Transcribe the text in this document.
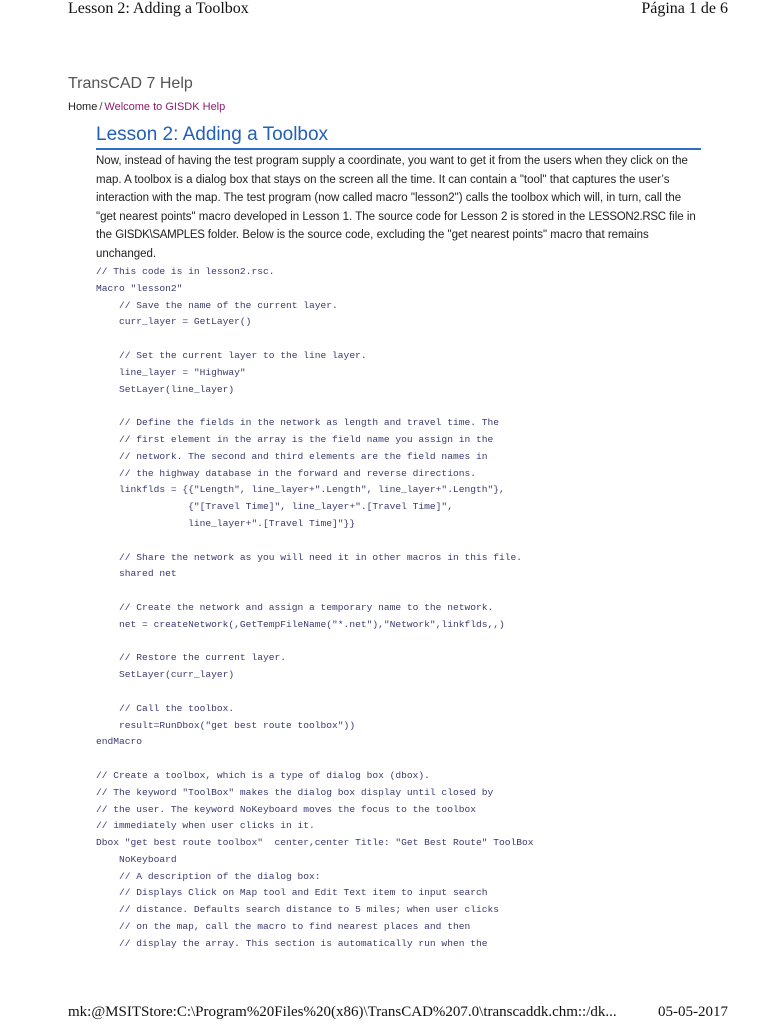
Lesson 2: Adding a Toolbox	Página 1 de 6
TransCAD 7 Help
Home / Welcome to GISDK Help
Lesson 2: Adding a Toolbox
Now, instead of having the test program supply a coordinate, you want to get it from the users when they click on the map. A toolbox is a dialog box that stays on the screen all the time. It can contain a "tool" that captures the user’s interaction with the map. The test program (now called macro "lesson2") calls the toolbox which will, in turn, call the "get nearest points" macro developed in Lesson 1. The source code for Lesson 2 is stored in the LESSON2.RSC file in the GISDK\SAMPLES folder. Below is the source code, excluding the "get nearest points" macro that remains unchanged.
// This code is in lesson2.rsc.
Macro "lesson2"
// Save the name of the current layer.
curr_layer = GetLayer()
// Set the current layer to the line layer.
line_layer = "Highway"
SetLayer(line_layer)
// Define the fields in the network as length and travel time. The
// first element in the array is the field name you assign in the
// network. The second and third elements are the field names in
// the highway database in the forward and reverse directions.
linkflds = {{"Length", line_layer+".Length", line_layer+".Length"},
{"[Travel Time]", line_layer+".[Travel Time]",
line_layer+".[Travel Time]"}}
// Share the network as you will need it in other macros in this file.
shared net
// Create the network and assign a temporary name to the network.
net = createNetwork(,GetTempFileName("*.net"),"Network",linkflds,,)
// Restore the current layer.
SetLayer(curr_layer)
// Call the toolbox.
result=RunDbox("get best route toolbox"))
endMacro
// Create a toolbox, which is a type of dialog box (dbox).
// The keyword "ToolBox" makes the dialog box display until closed by
// the user. The keyword NoKeyboard moves the focus to the toolbox
// immediately when user clicks in it.
Dbox "get best route toolbox"  center,center Title: "Get Best Route" ToolBox
NoKeyboard
// A description of the dialog box:
// Displays Click on Map tool and Edit Text item to input search
// distance. Defaults search distance to 5 miles; when user clicks
// on the map, call the macro to find nearest places and then
// display the array. This section is automatically run when the
mk:@MSITStore:C:\Program%20Files%20(x86)\TransCAD%207.0\transcaddk.chm::/dk...	05-05-2017
